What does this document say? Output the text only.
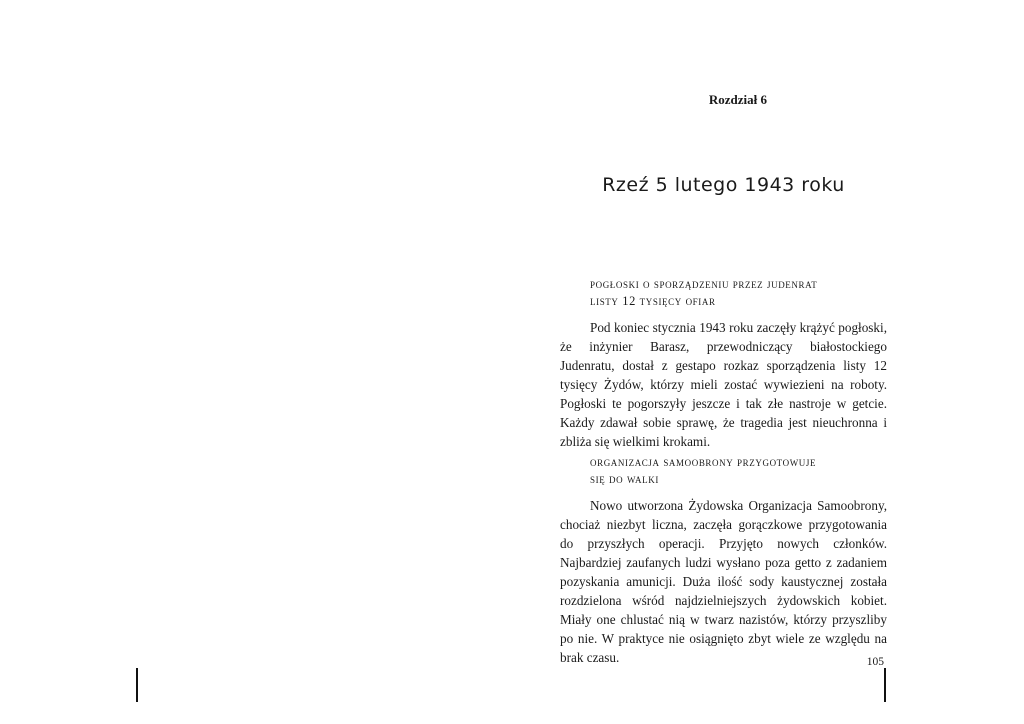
Rozdział 6
Rzeź 5 lutego 1943 roku
pogłoski o sporządzeniu przez judenrat
listy 12 tysięcy ofiar

Pod koniec stycznia 1943 roku zaczęły krążyć pogłoski, że inżynier Barasz, przewodniczący białostockiego Judenratu, dostał z gestapo rozkaz sporządzenia listy 12 tysięcy Żydów, którzy mieli zostać wywiezieni na roboty. Pogłoski te pogorszyły jeszcze i tak złe nastroje w getcie. Każdy zdawał sobie sprawę, że tragedia jest nieuchronna i zbliża się wielkimi krokami.

organizacja samoobrony przygotowuje
się do walki

Nowo utworzona Żydowska Organizacja Samoobrony, chociaż niezbyt liczna, zaczęła gorączkowe przygotowania do przyszłych operacji. Przyjęto nowych członków. Najbardziej zaufanych ludzi wysłano poza getto z zadaniem pozyskania amunicji. Duża ilość sody kaustycznej została rozdzielona wśród najdzielniejszych żydowskich kobiet. Miały one chlustać nią w twarz nazistów, którzy przyszliby po nie. W praktyce nie osiągnięto zbyt wiele ze względu na brak czasu.	105
